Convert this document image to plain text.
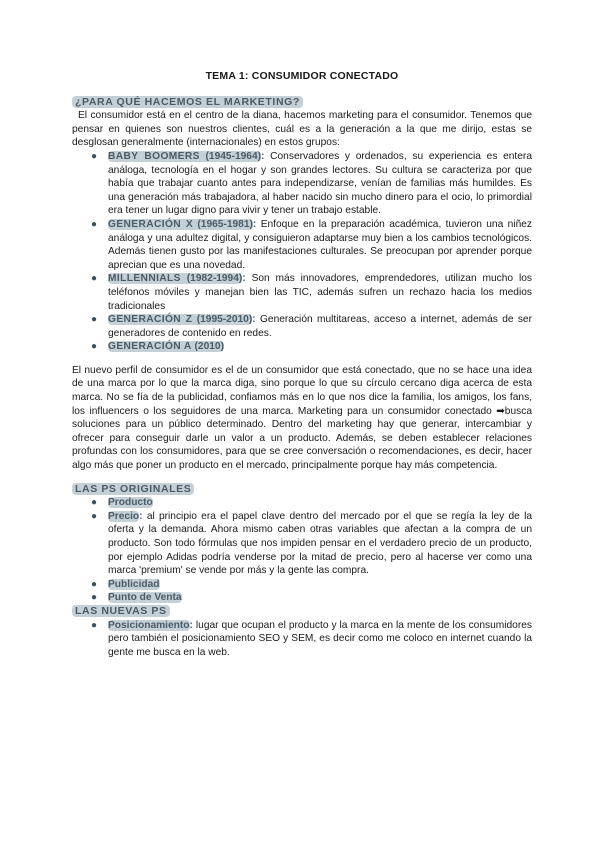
TEMA 1: CONSUMIDOR CONECTADO

¿PARA QUÉ HACEMOS EL MARKETING?

El consumidor está en el centro de la diana, hacemos marketing para el consumidor. Tenemos que pensar en quienes son nuestros clientes, cuál es a la generación a la que me dirijo, estas se desglosan generalmente (internacionales) en estos grupos:

● BABY BOOMERS (1945-1964): Conservadores y ordenados, su experiencia es entera análoga, tecnología en el hogar y son grandes lectores. Su cultura se caracteriza por que había que trabajar cuanto antes para independizarse, venían de familias más humildes. Es una generación más trabajadora, al haber nacido sin mucho dinero para el ocio, lo primordial era tener un lugar digno para vivir y tener un trabajo estable.
● GENERACIÓN X (1965-1981): Enfoque en la preparación académica, tuvieron una niñez análoga y una adultez digital, y consiguieron adaptarse muy bien a los cambios tecnológicos. Además tienen gusto por las manifestaciones culturales. Se preocupan por aprender porque aprecian que es una novedad.
● MILLENNIALS (1982-1994): Son más innovadores, emprendedores, utilizan mucho los teléfonos móviles y manejan bien las TIC, además sufren un rechazo hacia los medios tradicionales
● GENERACIÓN Z (1995-2010): Generación multitareas, acceso a internet, además de ser generadores de contenido en redes.
● GENERACIÓN A (2010)

El nuevo perfil de consumidor es el de un consumidor que está conectado, que no se hace una idea de una marca por lo que la marca diga, sino porque lo que su círculo cercano diga acerca de esta marca. No se fía de la publicidad, confiamos más en lo que nos dice la familia, los amigos, los fans, los influencers o los seguidores de una marca. Marketing para un consumidor conectado ➡busca soluciones para un público determinado. Dentro del marketing hay que generar, intercambiar y ofrecer para conseguir darle un valor a un producto. Además, se deben establecer relaciones profundas con los consumidores, para que se cree conversación o recomendaciones, es decir, hacer algo más que poner un producto en el mercado, principalmente porque hay más competencia.

LAS PS ORIGINALES

● Producto
● Precio: al principio era el papel clave dentro del mercado por el que se regía la ley de la oferta y la demanda. Ahora mismo caben otras variables que afectan a la compra de un producto. Son todo fórmulas que nos impiden pensar en el verdadero precio de un producto, por ejemplo Adidas podría venderse por la mitad de precio, pero al hacerse ver como una marca 'premium' se vende por más y la gente las compra.
● Publicidad
● Punto de Venta

LAS NUEVAS PS

● Posicionamiento: lugar que ocupan el producto y la marca en la mente de los consumidores pero también el posicionamiento SEO y SEM, es decir como me coloco en internet cuando la gente me busca en la web.
